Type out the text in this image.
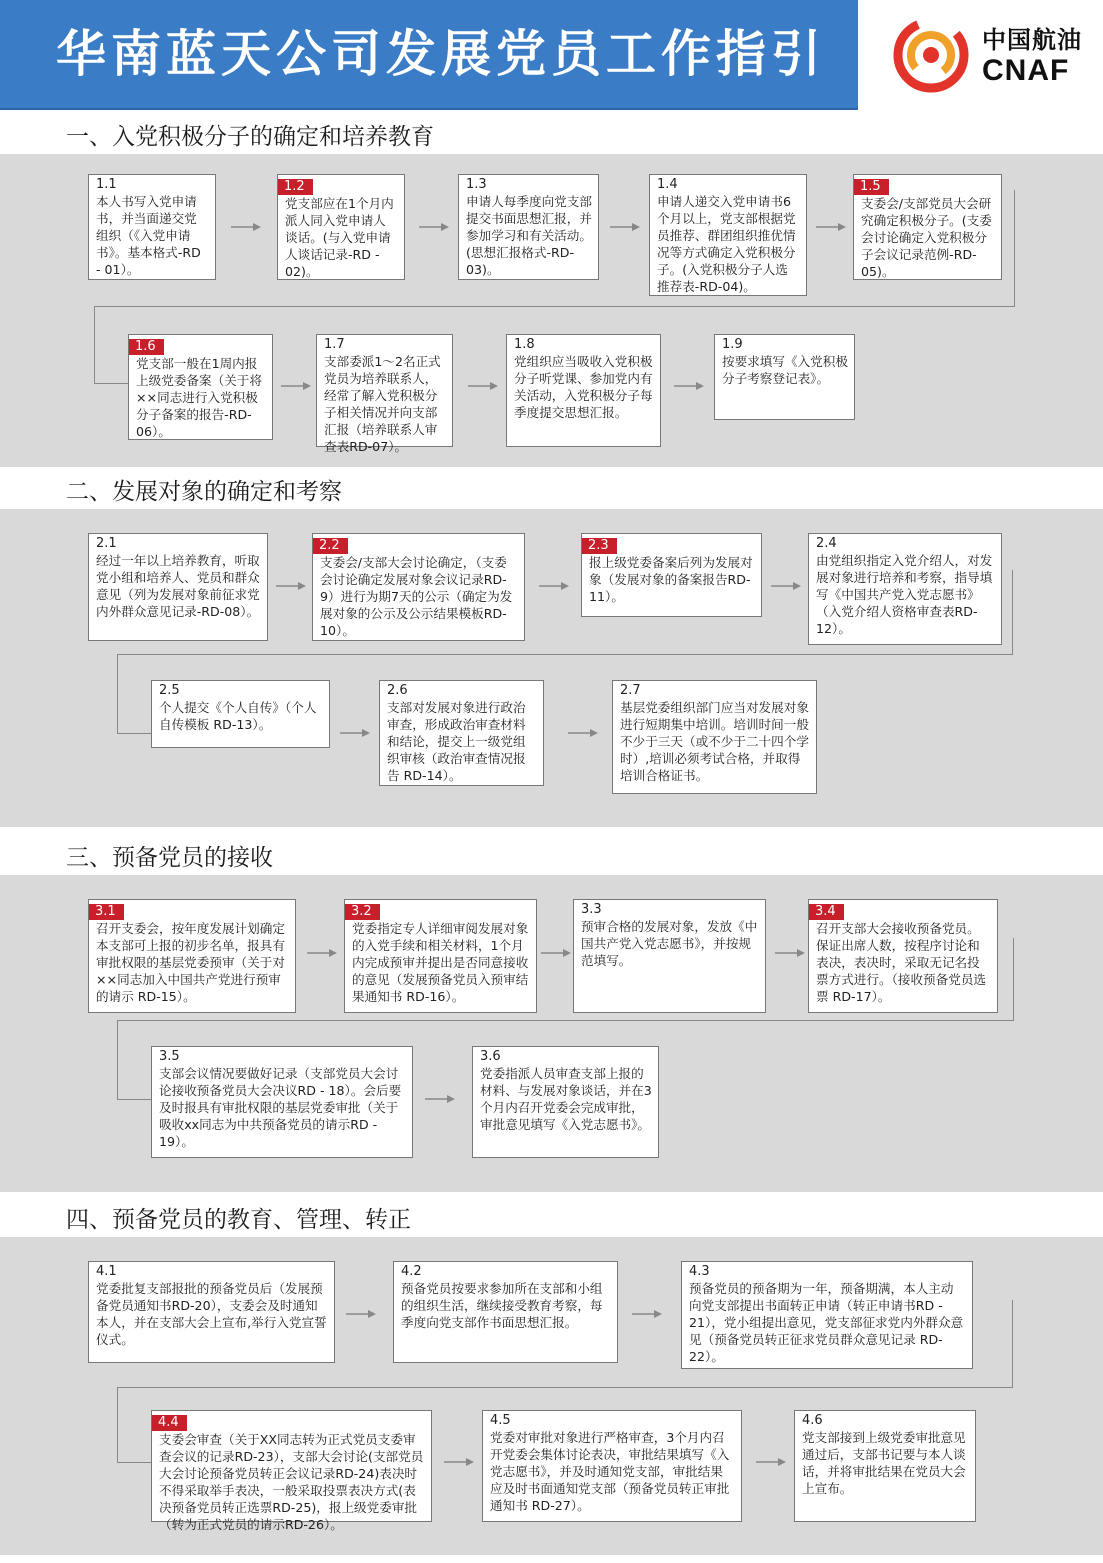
华南蓝天公司发展党员工作指引	中国航油
CNAF
一、入党积极分子的确定和培养教育
1.1
本人书写入党申请书，并当面递交党组织（《入党申请书》。基本格式-RD - 01）。
1.2
党支部应在1个月内派人同入党申请人谈话。(与入党申请人谈话记录-RD - 02)。
1.3
申请人每季度向党支部提交书面思想汇报，并参加学习和有关活动。(思想汇报格式-RD-03)。
1.4
申请人递交入党申请书6个月以上，党支部根据党员推荐、群团组织推优情况等方式确定入党积极分子。(入党积极分子人选推荐表-RD-04)。
1.5
支委会/支部党员大会研究确定积极分子。(支委会讨论确定入党积极分子会议记录范例-RD-05)。
1.6
党支部一般在1周内报上级党委备案（关于将××同志进行入党积极分子备案的报告-RD-06）。
1.7
支部委派1～2名正式党员为培养联系人，经常了解入党积极分子相关情况并向支部汇报（培养联系人审查表RD-07）。
1.8
党组织应当吸收入党积极分子听党课、参加党内有关活动，入党积极分子每季度提交思想汇报。
1.9
按要求填写《入党积极分子考察登记表》。
二、发展对象的确定和考察
2.1
经过一年以上培养教育，听取党小组和培养人、党员和群众意见（列为发展对象前征求党内外群众意见记录-RD-08）。
2.2
支委会/支部大会讨论确定，（支委会讨论确定发展对象会议记录RD-9）进行为期7天的公示（确定为发展对象的公示及公示结果模板RD-10）。
2.3
报上级党委备案后列为发展对象（发展对象的备案报告RD-11）。
2.4
由党组织指定入党介绍人，对发展对象进行培养和考察，指导填写《中国共产党入党志愿书》（入党介绍人资格审查表RD-12）。
2.5
个人提交《个人自传》（个人自传模板 RD-13）。
2.6
支部对发展对象进行政治审查，形成政治审查材料和结论，提交上一级党组织审核（政治审查情况报告 RD-14）。
2.7
基层党委组织部门应当对发展对象进行短期集中培训。培训时间一般不少于三天（或不少于二十四个学时）,培训必须考试合格，并取得培训合格证书。
三、预备党员的接收
3.1
召开支委会，按年度发展计划确定本支部可上报的初步名单，报具有审批权限的基层党委预审（关于对××同志加入中国共产党进行预审的请示 RD-15）。
3.2
党委指定专人详细审阅发展对象的入党手续和相关材料，1个月内完成预审并提出是否同意接收的意见（发展预备党员入预审结果通知书 RD-16）。
3.3
预审合格的发展对象，发放《中国共产党入党志愿书》，并按规范填写。
3.4
召开支部大会接收预备党员。保证出席人数，按程序讨论和表决，表决时，采取无记名投票方式进行。（接收预备党员选票 RD-17）。
3.5
支部会议情况要做好记录（支部党员大会讨论接收预备党员大会决议RD - 18）。会后要及时报具有审批权限的基层党委审批（关于吸收xx同志为中共预备党员的请示RD - 19）。
3.6
党委指派人员审查支部上报的材料、与发展对象谈话，并在3个月内召开党委会完成审批，审批意见填写《入党志愿书》。
四、预备党员的教育、管理、转正
4.1
党委批复支部报批的预备党员后（发展预备党员通知书RD-20），支委会及时通知本人，并在支部大会上宣布,举行入党宣誓仪式。
4.2
预备党员按要求参加所在支部和小组的组织生活，继续接受教育考察，每季度向党支部作书面思想汇报。
4.3
预备党员的预备期为一年，预备期满，本人主动向党支部提出书面转正申请（转正申请书RD - 21），党小组提出意见，党支部征求党内外群众意见（预备党员转正征求党员群众意见记录 RD-22）。
4.4
支委会审查（关于XX同志转为正式党员支委审查会议的记录RD-23），支部大会讨论(支部党员大会讨论预备党员转正会议记录RD-24)表决时不得采取举手表决，一般采取投票表决方式(表决预备党员转正选票RD-25)，报上级党委审批（转为正式党员的请示RD-26）。
4.5
党委对审批对象进行严格审查，3个月内召开党委会集体讨论表决，审批结果填写《入党志愿书》，并及时通知党支部，审批结果应及时书面通知党支部（预备党员转正审批通知书 RD-27）。
4.6
党支部接到上级党委审批意见通过后，支部书记要与本人谈话，并将审批结果在党员大会上宣布。
